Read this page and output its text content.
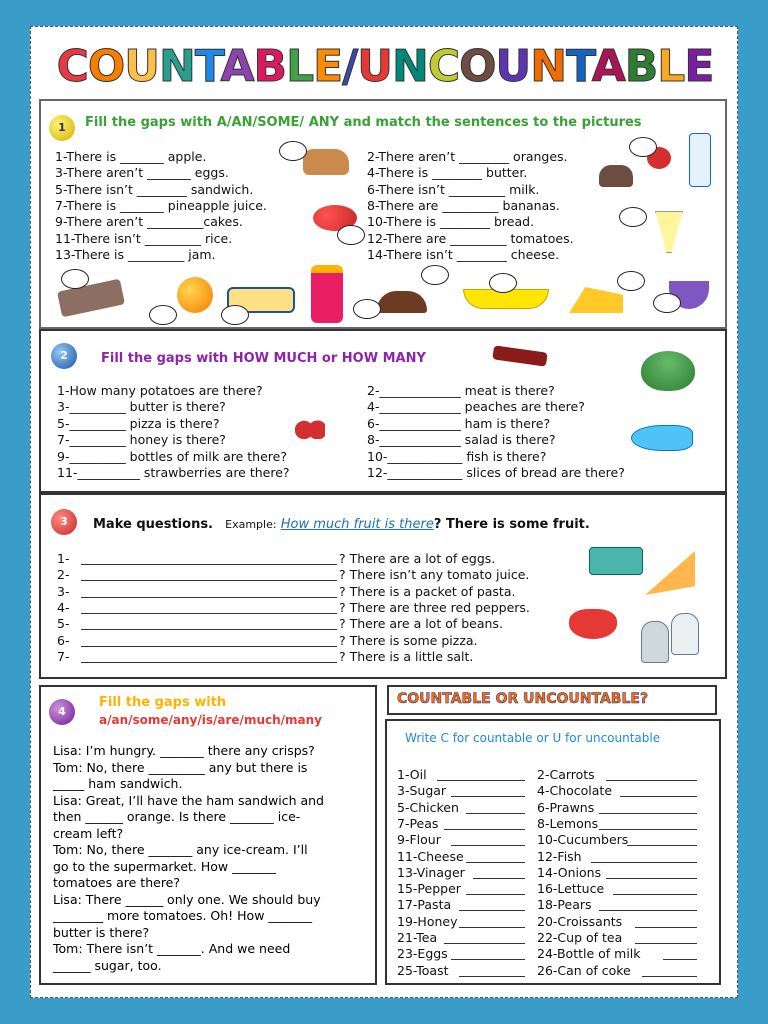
COUNTABLE/UNCOUNTABLE
1	Fill the gaps with A/AN/SOME/ ANY and match the sentences to the pictures
1-There is _______ apple.
3-There aren’t _______ eggs.
5-There isn’t ________ sandwich.
7-There is _______ pineapple juice.
9-There aren’t _________cakes.
11-There isn’t _________ rice.
13-There is _________ jam.
2-There aren’t ________ oranges.
4-There is ________ butter.
6-There isn’t _________ milk.
8-There are _________ bananas.
10-There is ________ bread.
12-There are _________ tomatoes.
14-There isn’t ________ cheese.
2	Fill the gaps with HOW MUCH or HOW MANY
1-How many potatoes are there?
3-_________ butter is there?
5-_________ pizza is there?
7-_________ honey is there?
9-_________ bottles of milk are there?
11-__________ strawberries are there?
2-_____________ meat is there?
4-_____________ peaches are there?
6-_____________ ham is there?
8-_____________ salad is there?
10-____________ fish is there?
12-____________ slices of bread are there?
3	Make questions. Example: How much fruit is there? There is some fruit.
1-	? There are a lot of eggs.
2-	? There isn’t any tomato juice.
3-	? There is a packet of pasta.
4-	? There are three red peppers.
5-	? There are a lot of beans.
6-	? There is some pizza.
7-	? There is a little salt.
4
Fill the gaps with
a/an/some/any/is/are/much/many
Lisa: I’m hungry. _______ there any crisps?
Tom: No, there _________ any but there is
_____ ham sandwich.
Lisa: Great, I’ll have the ham sandwich and
then ______ orange. Is there _______ ice-
cream left?
Tom: No, there _______ any ice-cream. I’ll
go to the supermarket. How _______
tomatoes are there?
Lisa: There ______ only one. We should buy
________ more tomatoes. Oh! How _______
butter is there?
Tom: There isn’t _______. And we need
______ sugar, too.
COUNTABLE OR UNCOUNTABLE?
Write C for countable or U for uncountable
1-Oil
3-Sugar
5-Chicken
7-Peas
9-Flour
11-Cheese
13-Vinager
15-Pepper
17-Pasta
19-Honey
21-Tea
23-Eggs
25-Toast
2-Carrots
4-Chocolate
6-Prawns
8-Lemons
10-Cucumbers
12-Fish
14-Onions
16-Lettuce
18-Pears
20-Croissants
22-Cup of tea
24-Bottle of milk
26-Can of coke
